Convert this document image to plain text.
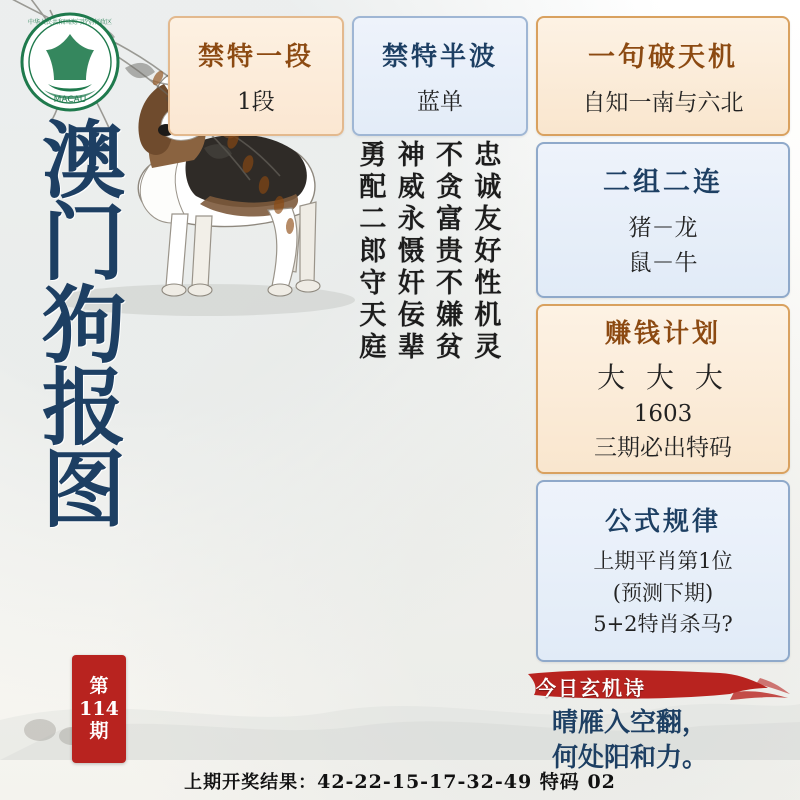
MACAU
中华人民共和国澳门特别行政区
澳
门
狗
报
图
第
114
期
忠诚友好性机灵
不贪富贵不嫌贫
神威永慑奸佞辈
勇配二郎守天庭
禁特一段
1段
禁特半波
蓝单
一句破天机
自知一南与六北
二组二连
猪－龙
鼠－牛
赚钱计划
大 大 大
1603
三期必出特码
公式规律
上期平肖第1位
(预测下期)
5+2特肖杀马?
今日玄机诗
晴雁入空翻，
何处阳和力。
上期开奖结果：42-22-15-17-32-49 特码 02
